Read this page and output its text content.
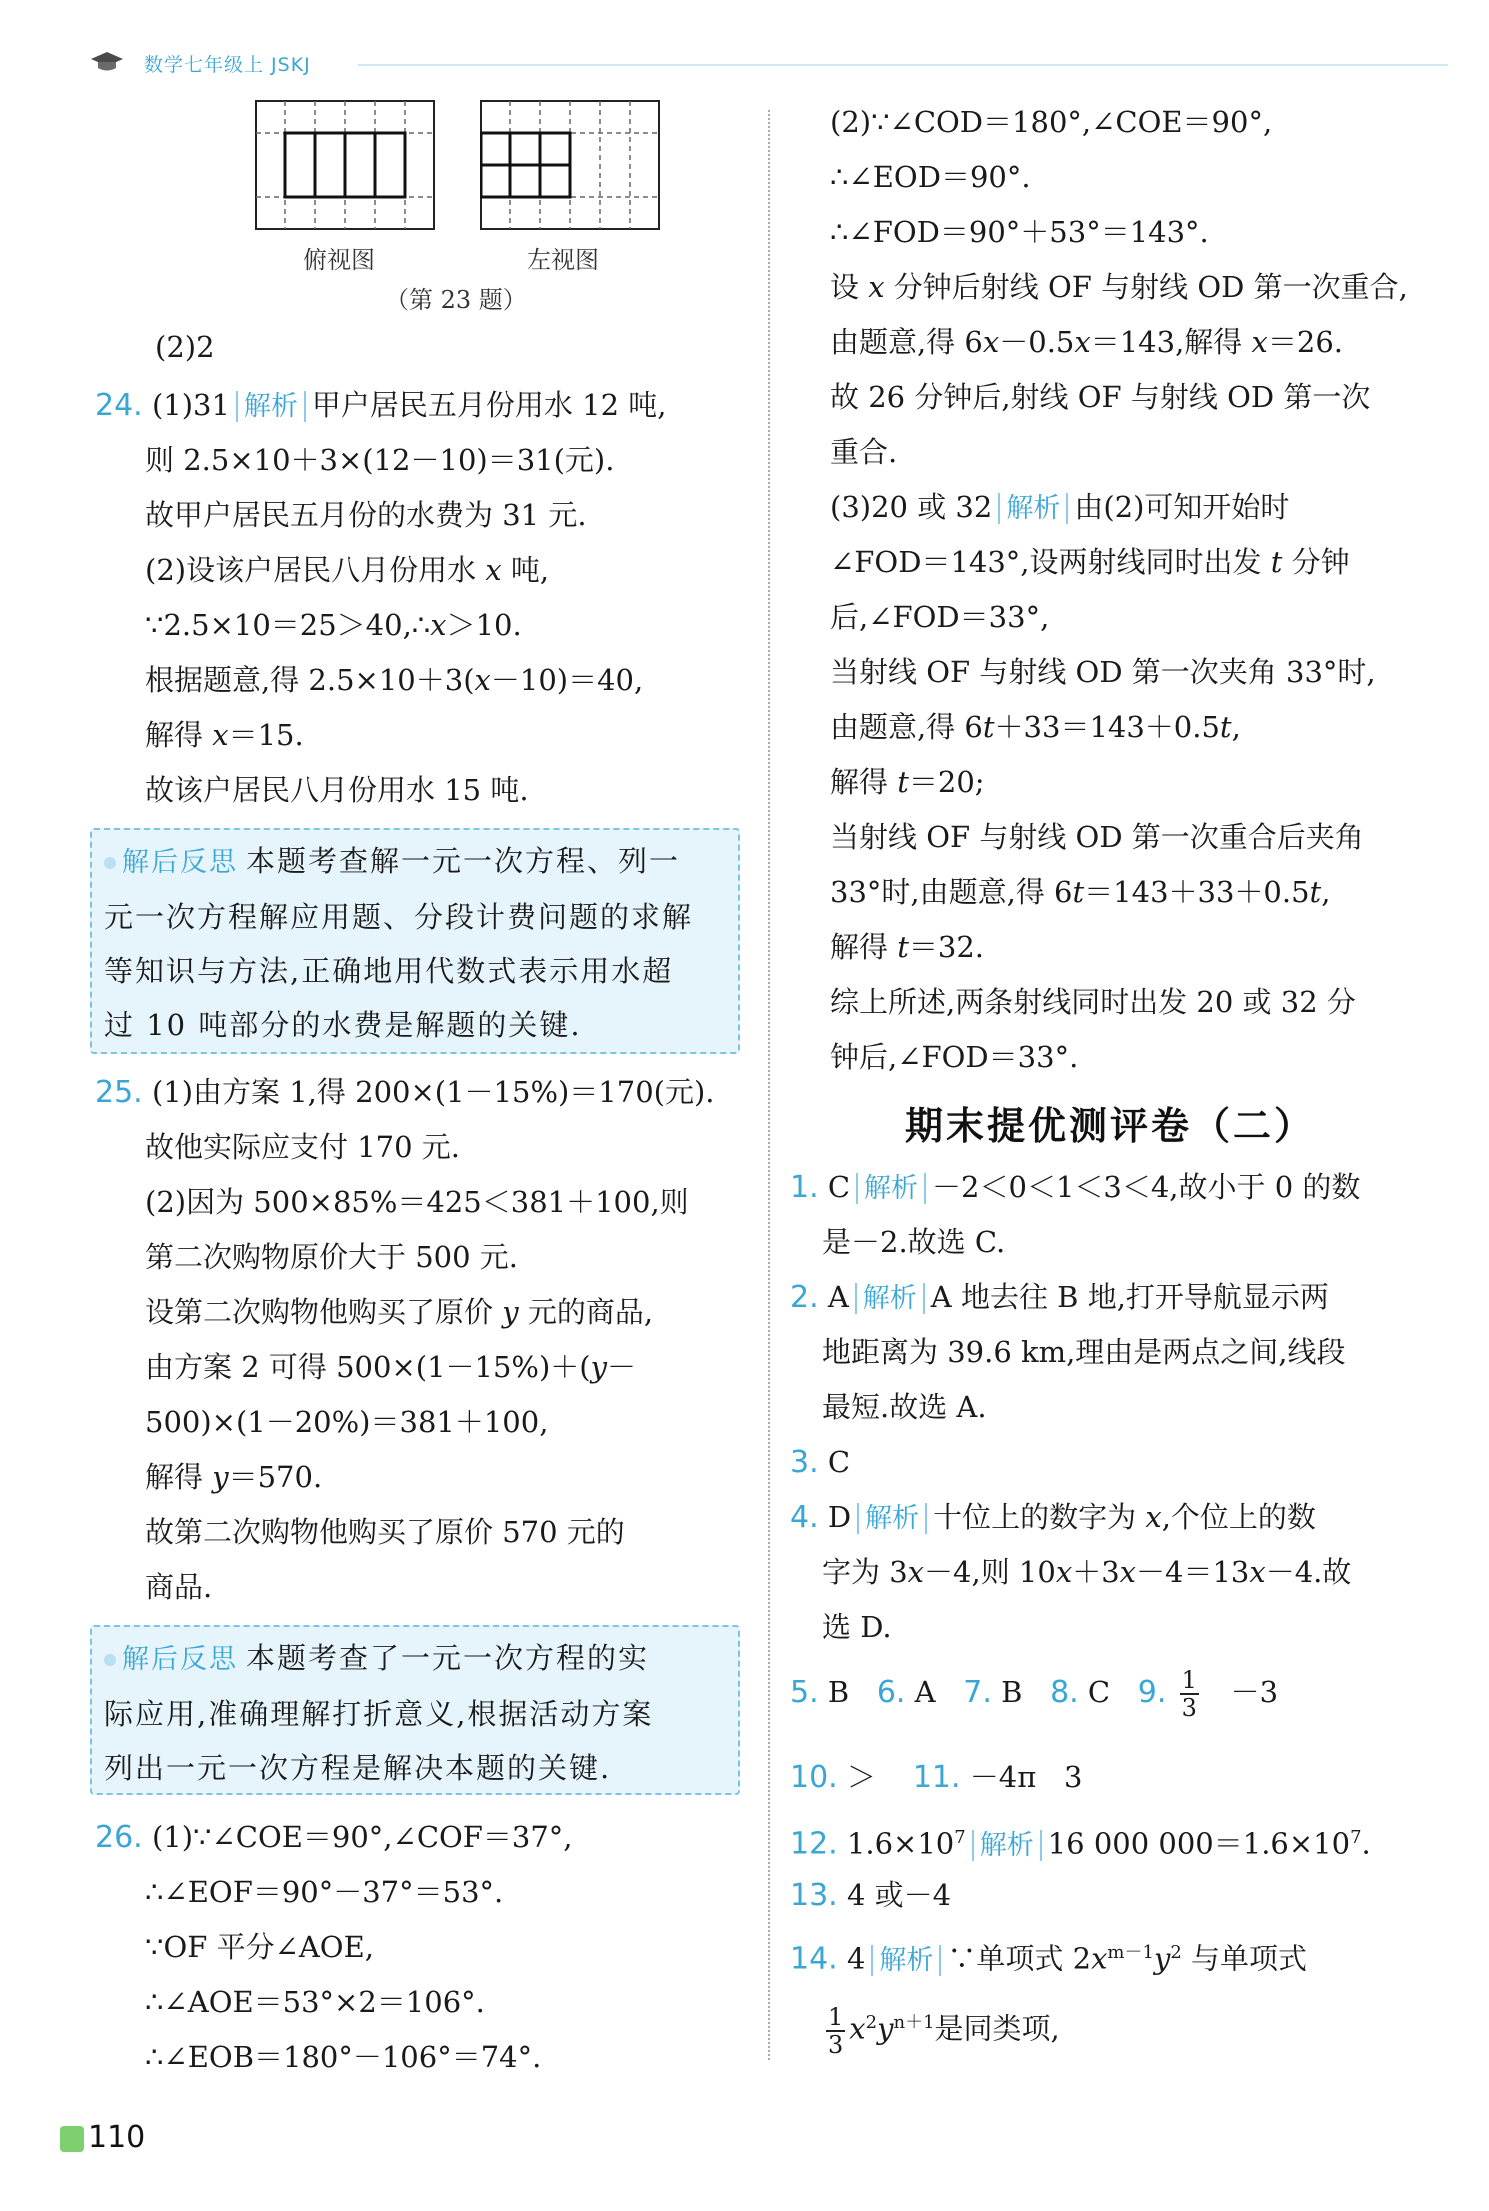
数学七年级上 JSKJ
俯视图	左视图
（第 23 题）
(2)2
24. (1)31 解析 甲户居民五月份用水 12 吨,
则 2.5×10＋3×(12－10)＝31(元).
故甲户居民五月份的水费为 31 元.
(2)设该户居民八月份用水 x 吨,
∵2.5×10＝25＞40,∴x＞10.
根据题意,得 2.5×10＋3(x－10)＝40,
解得 x＝15.
故该户居民八月份用水 15 吨.
解后反思 本题考查解一元一次方程、列一
元一次方程解应用题、分段计费问题的求解
等知识与方法,正确地用代数式表示用水超
过 10 吨部分的水费是解题的关键.
25. (1)由方案 1,得 200×(1－15%)＝170(元).
故他实际应支付 170 元.
(2)因为 500×85%＝425＜381＋100,则
第二次购物原价大于 500 元.
设第二次购物他购买了原价 y 元的商品,
由方案 2 可得 500×(1－15%)＋(y－
500)×(1－20%)＝381＋100,
解得 y＝570.
故第二次购物他购买了原价 570 元的
商品.
解后反思 本题考查了一元一次方程的实
际应用,准确理解打折意义,根据活动方案
列出一元一次方程是解决本题的关键.
26. (1)∵∠COE＝90°,∠COF＝37°,
∴∠EOF＝90°－37°＝53°.
∵OF 平分∠AOE,
∴∠AOE＝53°×2＝106°.
∴∠EOB＝180°－106°＝74°.
(2)∵∠COD＝180°,∠COE＝90°,
∴∠EOD＝90°.
∴∠FOD＝90°＋53°＝143°.
设 x 分钟后射线 OF 与射线 OD 第一次重合,
由题意,得 6x－0.5x＝143,解得 x＝26.
故 26 分钟后,射线 OF 与射线 OD 第一次
重合.
(3)20 或 32 解析 由(2)可知开始时
∠FOD＝143°,设两射线同时出发 t 分钟
后,∠FOD＝33°,
当射线 OF 与射线 OD 第一次夹角 33°时,
由题意,得 6t＋33＝143＋0.5t,
解得 t＝20;
当射线 OF 与射线 OD 第一次重合后夹角
33°时,由题意,得 6t＝143＋33＋0.5t,
解得 t＝32.
综上所述,两条射线同时出发 20 或 32 分
钟后,∠FOD＝33°.
期末提优测评卷（二）
1. C 解析 －2＜0＜1＜3＜4,故小于 0 的数
是－2.故选 C.
2. A 解析 A 地去往 B 地,打开导航显示两
地距离为 39.6 km,理由是两点之间,线段
最短.故选 A.
3. C
4. D 解析 十位上的数字为 x,个位上的数
字为 3x－4,则 10x＋3x－4＝13x－4.故
选 D.
5. B 6. A 7. B 8. C 9. $\frac{1}{3} -3$
10. ＞ 11. －4π 3
12. $1.6\times 10^7$ 解析 16 000 $000=1.6\times 10^7$.
13. 4 或－4
14. 4 解析 ∵单项式 $2x^{m-1}y^2$ 与单项式
$\frac{1}{3} x^2y^{n+1}$是同类项,
110
